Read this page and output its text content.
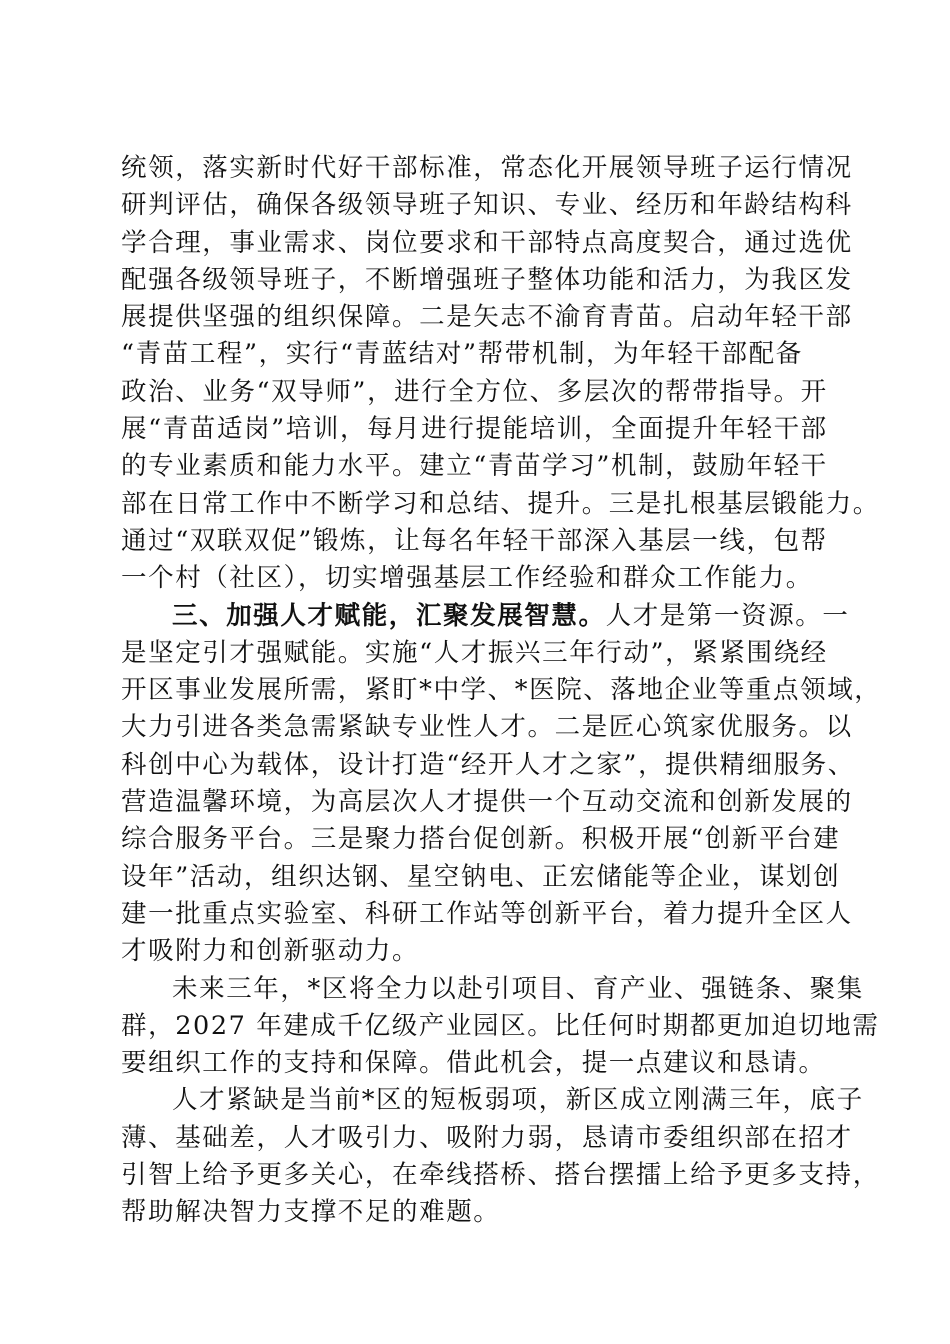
统领，落实新时代好干部标准，常态化开展领导班子运行情况
研判评估，确保各级领导班子知识、专业、经历和年龄结构科
学合理，事业需求、岗位要求和干部特点高度契合，通过选优
配强各级领导班子，不断增强班子整体功能和活力，为我区发
展提供坚强的组织保障。二是矢志不渝育青苗。启动年轻干部
“青苗工程”，实行“青蓝结对”帮带机制，为年轻干部配备
政治、业务“双导师”，进行全方位、多层次的帮带指导。开
展“青苗适岗”培训，每月进行提能培训，全面提升年轻干部
的专业素质和能力水平。建立“青苗学习”机制，鼓励年轻干
部在日常工作中不断学习和总结、提升。三是扎根基层锻能力。
通过“双联双促”锻炼，让每名年轻干部深入基层一线，包帮
一个村（社区），切实增强基层工作经验和群众工作能力。
三、加强人才赋能，汇聚发展智慧。人才是第一资源。一
是坚定引才强赋能。实施“人才振兴三年行动”，紧紧围绕经
开区事业发展所需，紧盯*中学、*医院、落地企业等重点领域，
大力引进各类急需紧缺专业性人才。二是匠心筑家优服务。以
科创中心为载体，设计打造“经开人才之家”，提供精细服务、
营造温馨环境，为高层次人才提供一个互动交流和创新发展的
综合服务平台。三是聚力搭台促创新。积极开展“创新平台建
设年”活动，组织达钢、星空钠电、正宏储能等企业，谋划创
建一批重点实验室、科研工作站等创新平台，着力提升全区人
才吸附力和创新驱动力。
未来三年，*区将全力以赴引项目、育产业、强链条、聚集
群，2027 年建成千亿级产业园区。比任何时期都更加迫切地需
要组织工作的支持和保障。借此机会，提一点建议和恳请。
人才紧缺是当前*区的短板弱项，新区成立刚满三年，底子
薄、基础差，人才吸引力、吸附力弱，恳请市委组织部在招才
引智上给予更多关心，在牵线搭桥、搭台摆擂上给予更多支持，
帮助解决智力支撑不足的难题。
